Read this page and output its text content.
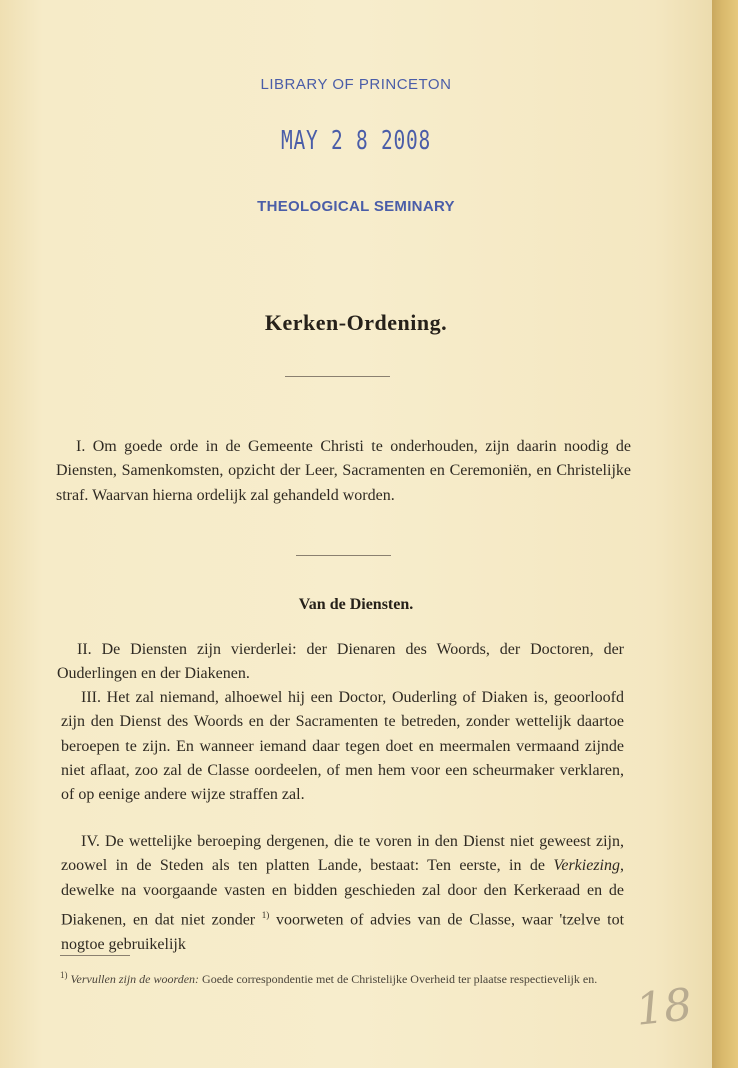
LIBRARY OF PRINCETON
MAY 2 8 2008
THEOLOGICAL SEMINARY
Kerken-Ordening.
I. Om goede orde in de Gemeente Christi te onderhouden, zijn daarin noodig de Diensten, Samenkomsten, opzicht der Leer, Sacramenten en Ceremoniën, en Christelijke straf. Waarvan hierna ordelijk zal gehandeld worden.
Van de Diensten.
II. De Diensten zijn vierderlei: der Dienaren des Woords, der Doctoren, der Ouderlingen en der Diakenen.
III. Het zal niemand, alhoewel hij een Doctor, Ouderling of Diaken is, geoorloofd zijn den Dienst des Woords en der Sacramenten te betreden, zonder wettelijk daartoe beroepen te zijn. En wanneer iemand daar tegen doet en meermalen vermaand zijnde niet aflaat, zoo zal de Classe oordeelen, of men hem voor een scheurmaker verklaren, of op eenige andere wijze straffen zal.
IV. De wettelijke beroeping dergenen, die te voren in den Dienst niet geweest zijn, zoowel in de Steden als ten platten Lande, bestaat: Ten eerste, in de Verkiezing, dewelke na voorgaande vasten en bidden geschieden zal door den Kerkeraad en de Diakenen, en dat niet zonder $^{1)}$ voorweten of advies van de Classe, waar 'tzelve tot nogtoe gebruikelijk
$^{1)}$ Vervullen zijn de woorden: Goede correspondentie met de Christelijke Overheid ter plaatse respectievelijk en.
18
